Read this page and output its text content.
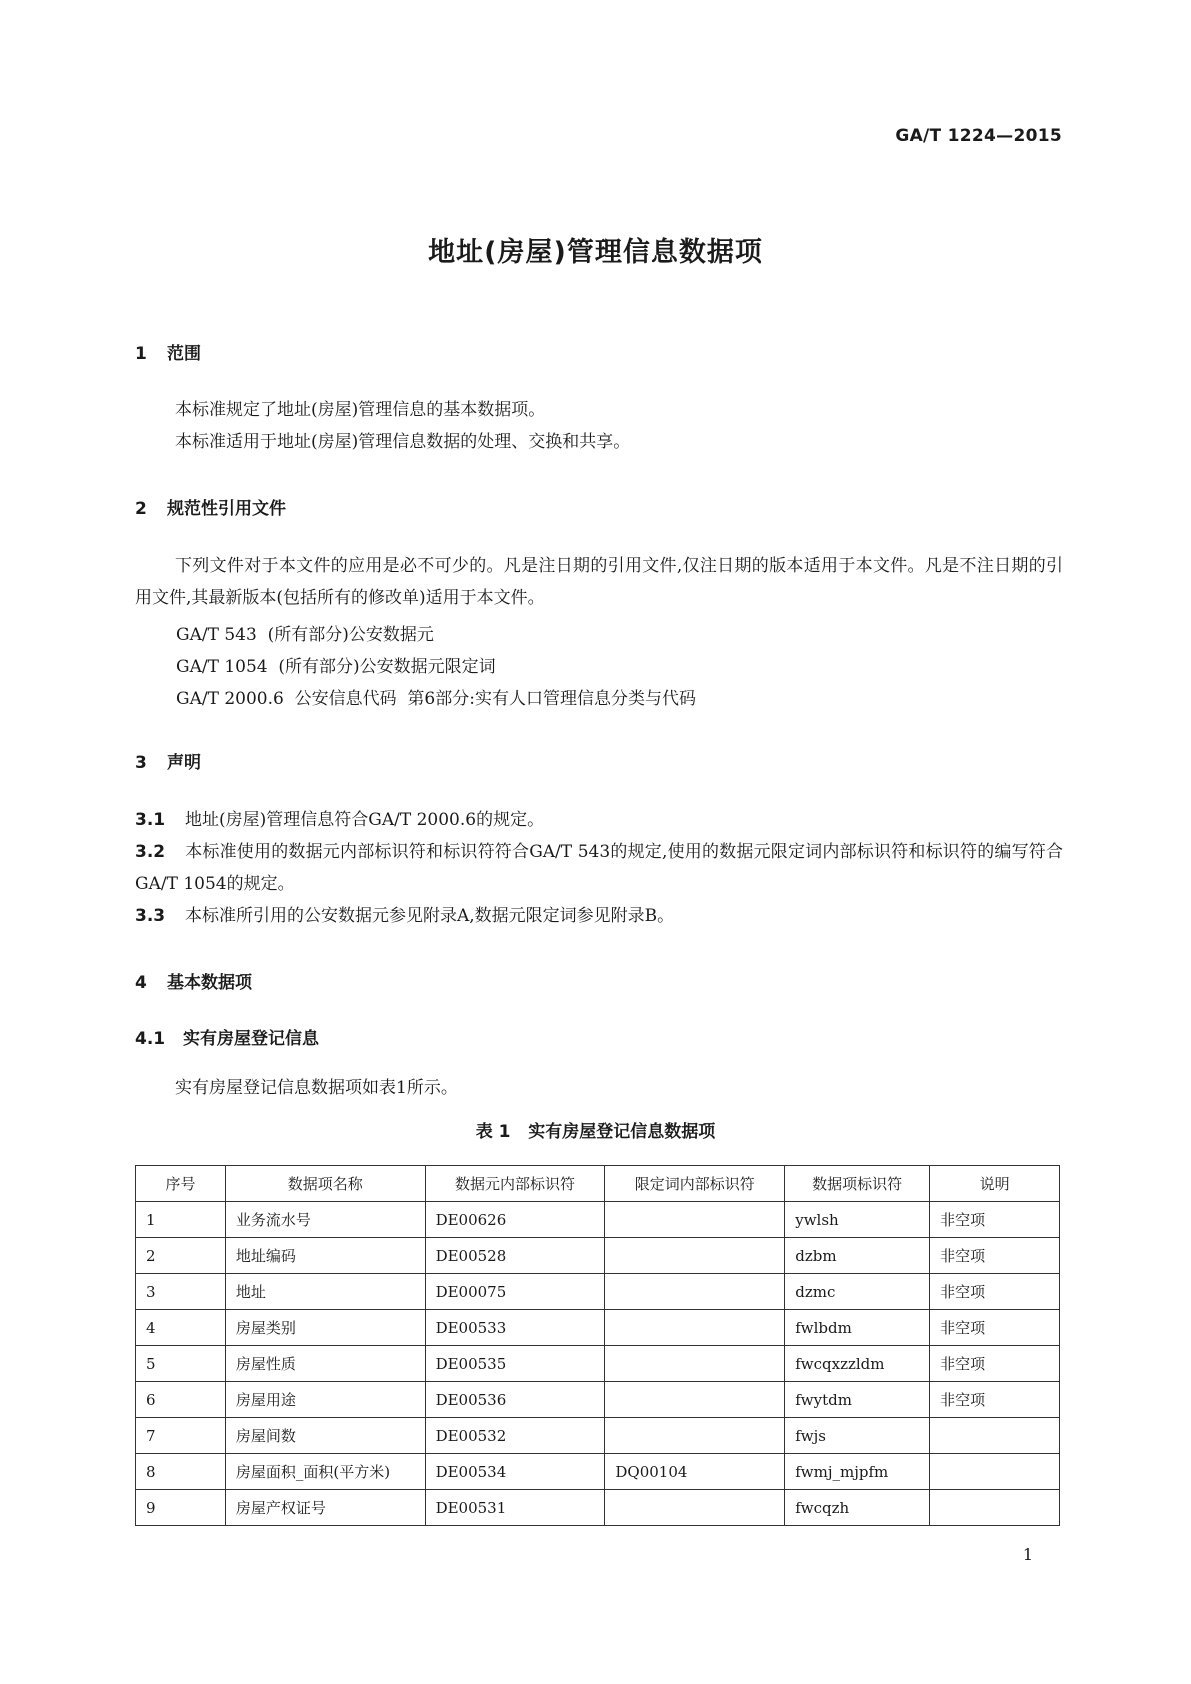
GA/T 1224—2015
地址(房屋)管理信息数据项
1 范围
本标准规定了地址(房屋)管理信息的基本数据项。
本标准适用于地址(房屋)管理信息数据的处理、交换和共享。
2 规范性引用文件
下列文件对于本文件的应用是必不可少的。凡是注日期的引用文件,仅注日期的版本适用于本文件。凡是不注日期的引用文件,其最新版本(包括所有的修改单)适用于本文件。
GA/T 543  (所有部分)公安数据元
GA/T 1054  (所有部分)公安数据元限定词
GA/T 2000.6  公安信息代码  第6部分:实有人口管理信息分类与代码
3 声明
3.1 地址(房屋)管理信息符合GA/T 2000.6的规定。
3.2 本标准使用的数据元内部标识符和标识符符合GA/T 543的规定,使用的数据元限定词内部标识符和标识符的编写符合GA/T 1054的规定。
3.3 本标准所引用的公安数据元参见附录A,数据元限定词参见附录B。
4 基本数据项
4.1 实有房屋登记信息
实有房屋登记信息数据项如表1所示。
表 1   实有房屋登记信息数据项
序号	数据项名称	数据元内部标识符	限定词内部标识符	数据项标识符	说明
1	业务流水号	DE00626		ywlsh	非空项
2	地址编码	DE00528		dzbm	非空项
3	地址	DE00075		dzmc	非空项
4	房屋类别	DE00533		fwlbdm	非空项
5	房屋性质	DE00535		fwcqxzzldm	非空项
6	房屋用途	DE00536		fwytdm	非空项
7	房屋间数	DE00532		fwjs	
8	房屋面积_面积(平方米)	DE00534	DQ00104	fwmj_mjpfm	
9	房屋产权证号	DE00531		fwcqzh	
1
